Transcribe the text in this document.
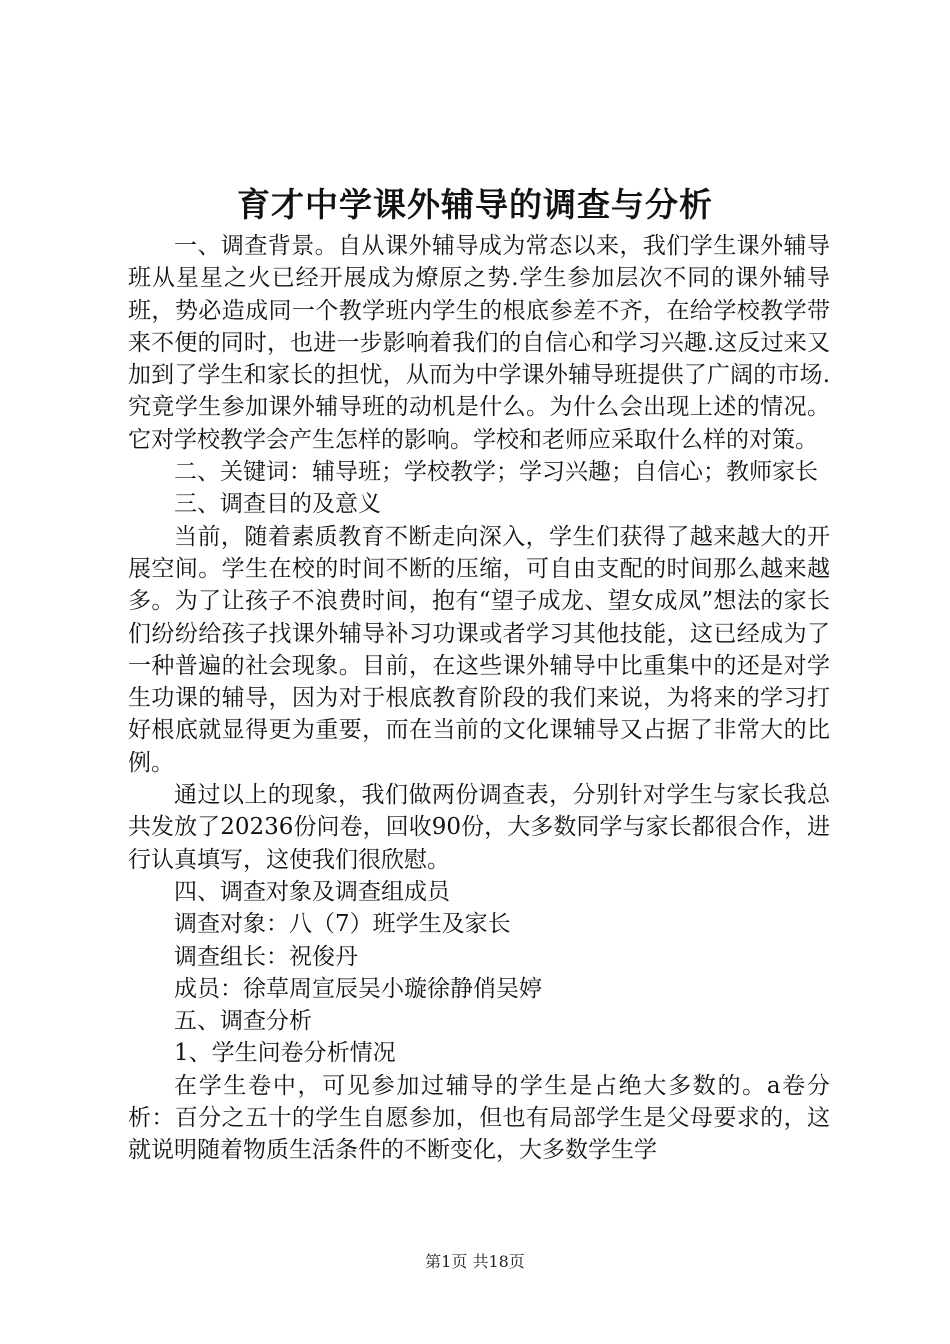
育才中学课外辅导的调查与分析

一、调查背景。自从课外辅导成为常态以来，我们学生课外辅导班从星星之火已经开展成为燎原之势.学生参加层次不同的课外辅导班，势必造成同一个教学班内学生的根底参差不齐，在给学校教学带来不便的同时，也进一步影响着我们的自信心和学习兴趣.这反过来又加到了学生和家长的担忧，从而为中学课外辅导班提供了广阔的市场.究竟学生参加课外辅导班的动机是什么。为什么会出现上述的情况。它对学校教学会产生怎样的影响。学校和老师应采取什么样的对策。

二、关键词：辅导班；学校教学；学习兴趣；自信心；教师家长

三、调查目的及意义

当前，随着素质教育不断走向深入，学生们获得了越来越大的开展空间。学生在校的时间不断的压缩，可自由支配的时间那么越来越多。为了让孩子不浪费时间，抱有“望子成龙、望女成凤”想法的家长们纷纷给孩子找课外辅导补习功课或者学习其他技能，这已经成为了一种普遍的社会现象。目前，在这些课外辅导中比重集中的还是对学生功课的辅导，因为对于根底教育阶段的我们来说，为将来的学习打好根底就显得更为重要，而在当前的文化课辅导又占据了非常大的比例。

通过以上的现象，我们做两份调查表，分别针对学生与家长我总共发放了20236份问卷，回收90份，大多数同学与家长都很合作，进行认真填写，这使我们很欣慰。

四、调查对象及调查组成员

调查对象：八（7）班学生及家长

调查组长：祝俊丹

成员：徐草周宣辰吴小璇徐静俏吴婷

五、调查分析

1、学生问卷分析情况

在学生卷中，可见参加过辅导的学生是占绝大多数的。a卷分析：百分之五十的学生自愿参加，但也有局部学生是父母要求的，这就说明随着物质生活条件的不断变化，大多数学生学

第1页 共18页
